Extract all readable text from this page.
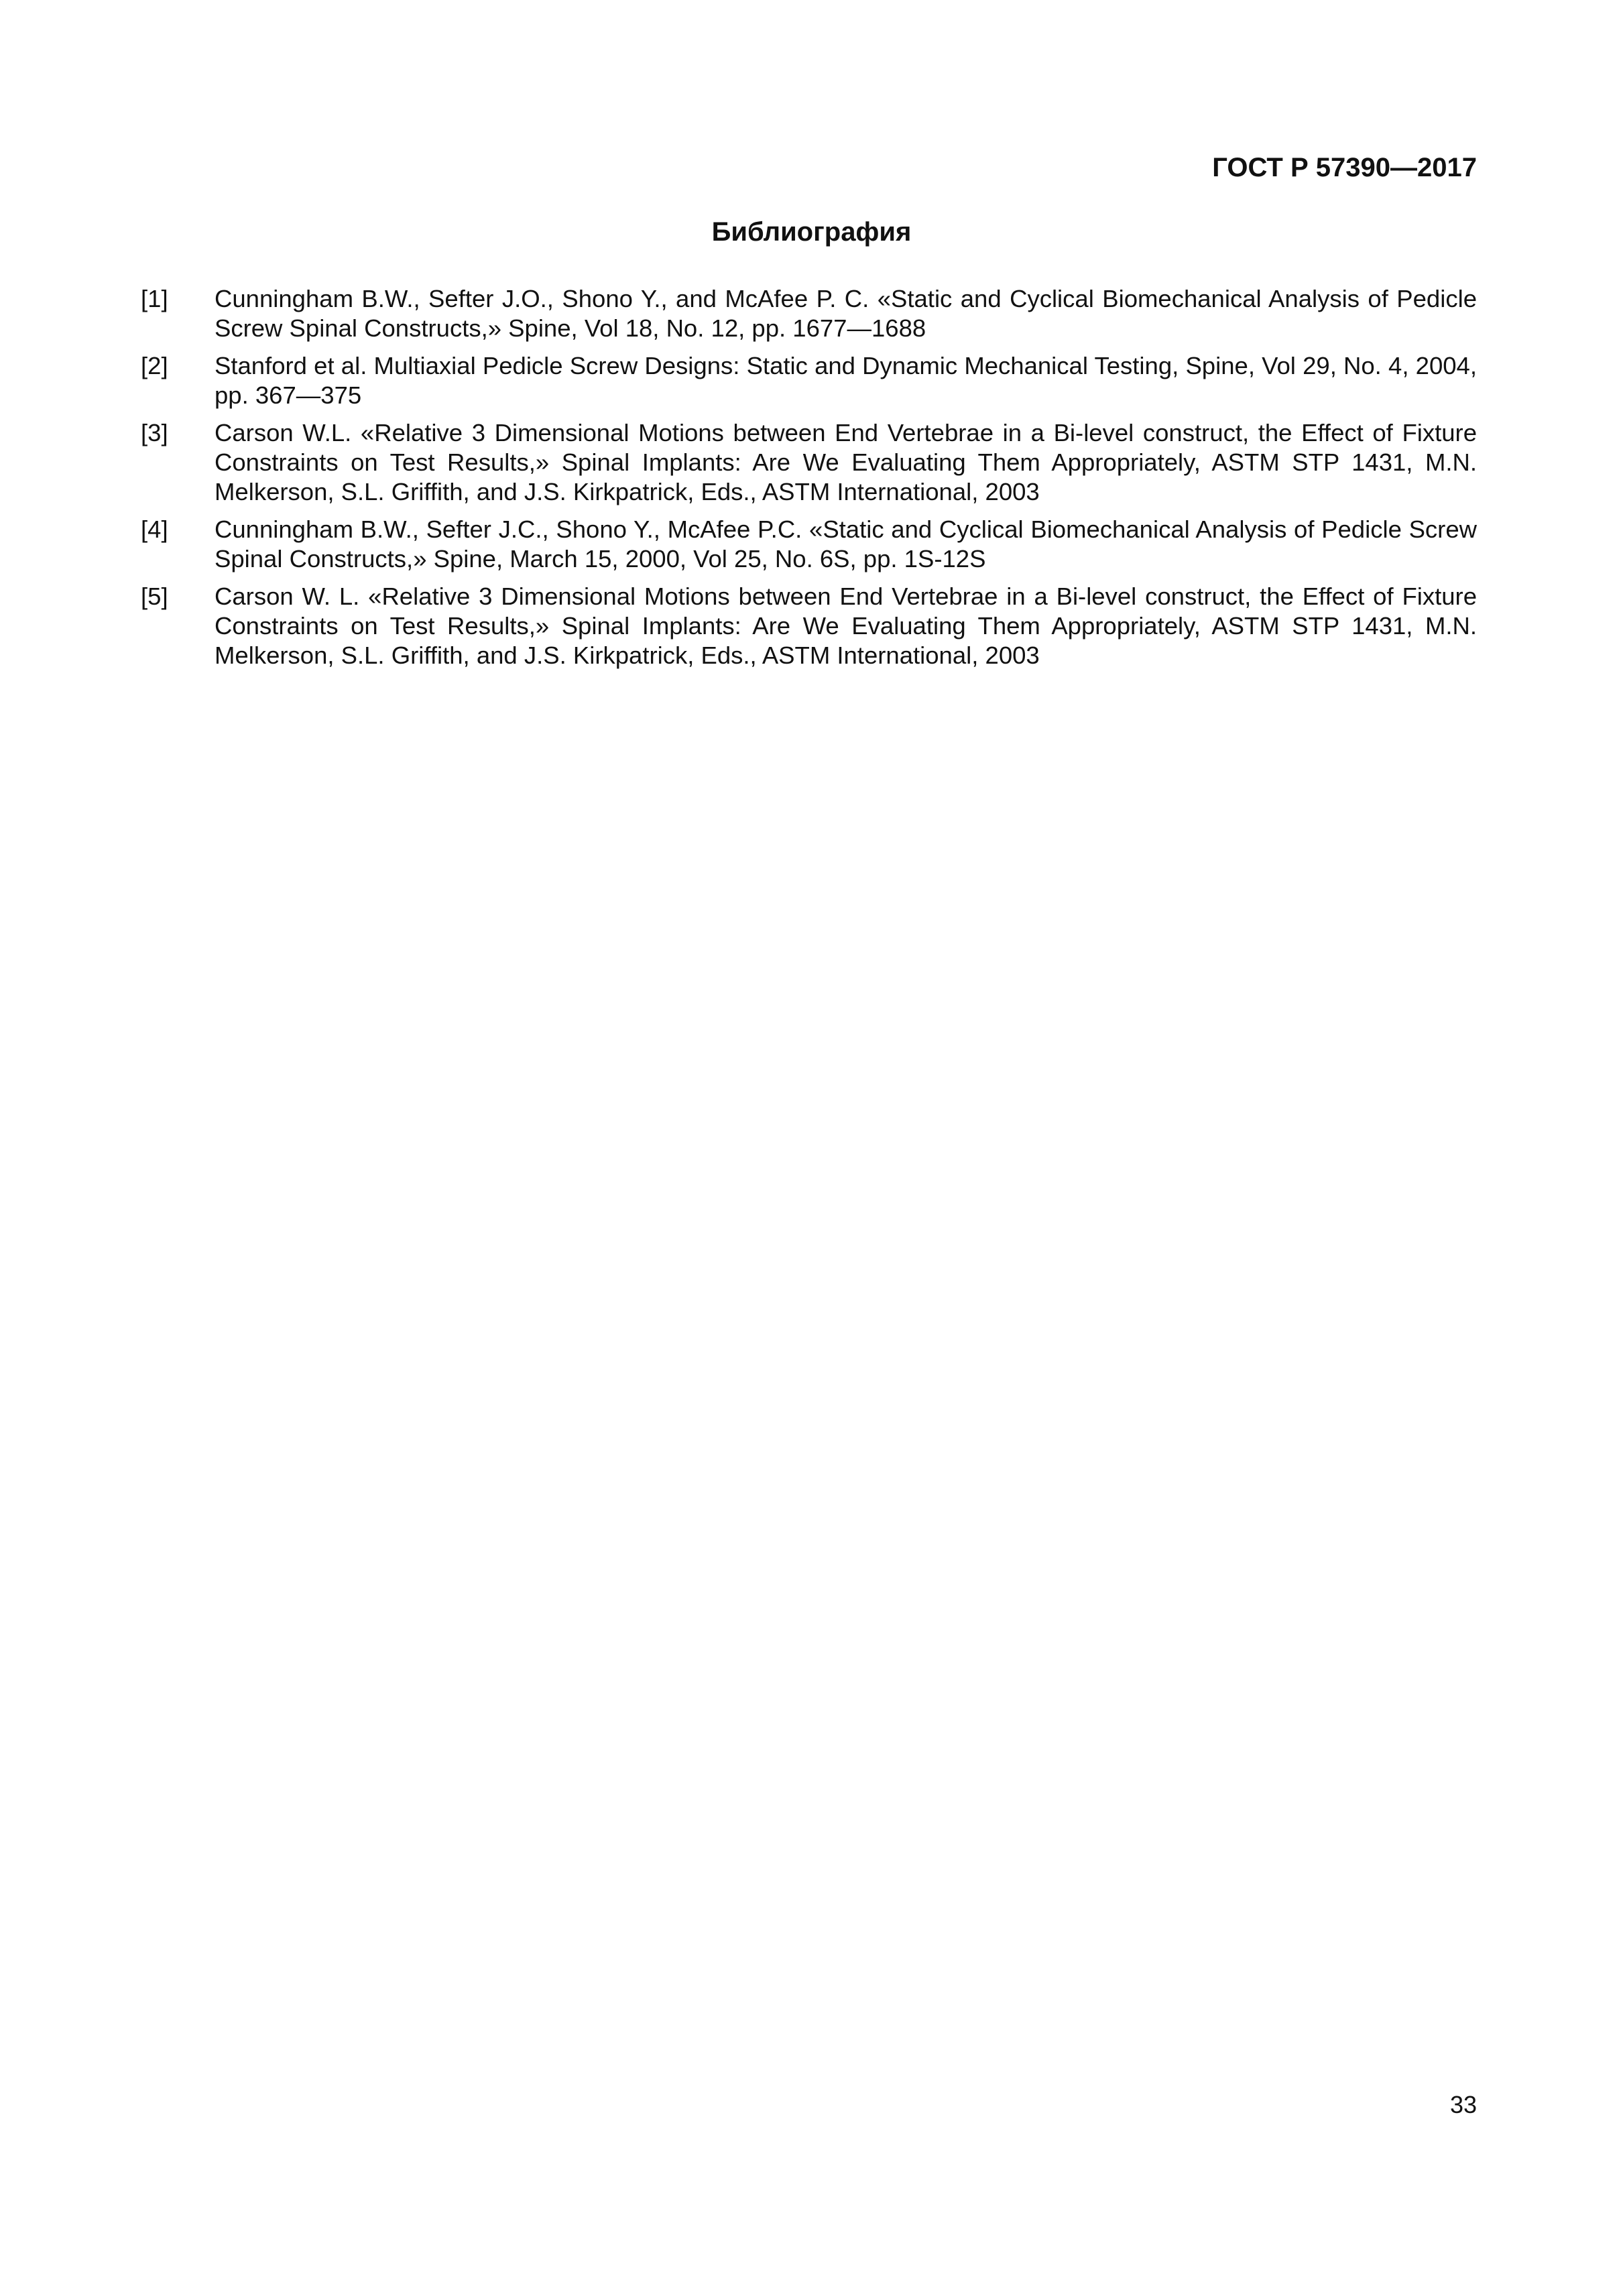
ГОСТ Р 57390—2017
Библиография
[1] Cunningham B.W., Sefter J.O., Shono Y., and McAfee P. C. «Static and Cyclical Biomechanical Analysis of Pedicle Screw Spinal Constructs,» Spine, Vol 18, No. 12, pp. 1677—1688
[2] Stanford et al. Multiaxial Pedicle Screw Designs: Static and Dynamic Mechanical Testing, Spine, Vol 29, No. 4, 2004, pp. 367—375
[3] Carson W.L. «Relative 3 Dimensional Motions between End Vertebrae in a Bi-level construct, the Effect of Fixture Constraints on Test Results,» Spinal Implants: Are We Evaluating Them Appropriately, ASTM STP 1431, M.N. Melkerson, S.L. Griffith, and J.S. Kirkpatrick, Eds., ASTM International, 2003
[4] Cunningham B.W., Sefter J.C., Shono Y., McAfee P.C. «Static and Cyclical Biomechanical Analysis of Pedicle Screw Spinal Constructs,» Spine, March 15, 2000, Vol 25, No. 6S, pp. 1S-12S
[5] Carson W. L. «Relative 3 Dimensional Motions between End Vertebrae in a Bi-level construct, the Effect of Fixture Constraints on Test Results,» Spinal Implants: Are We Evaluating Them Appropriately, ASTM STP 1431, M.N. Melkerson, S.L. Griffith, and J.S. Kirkpatrick, Eds., ASTM International, 2003
33
